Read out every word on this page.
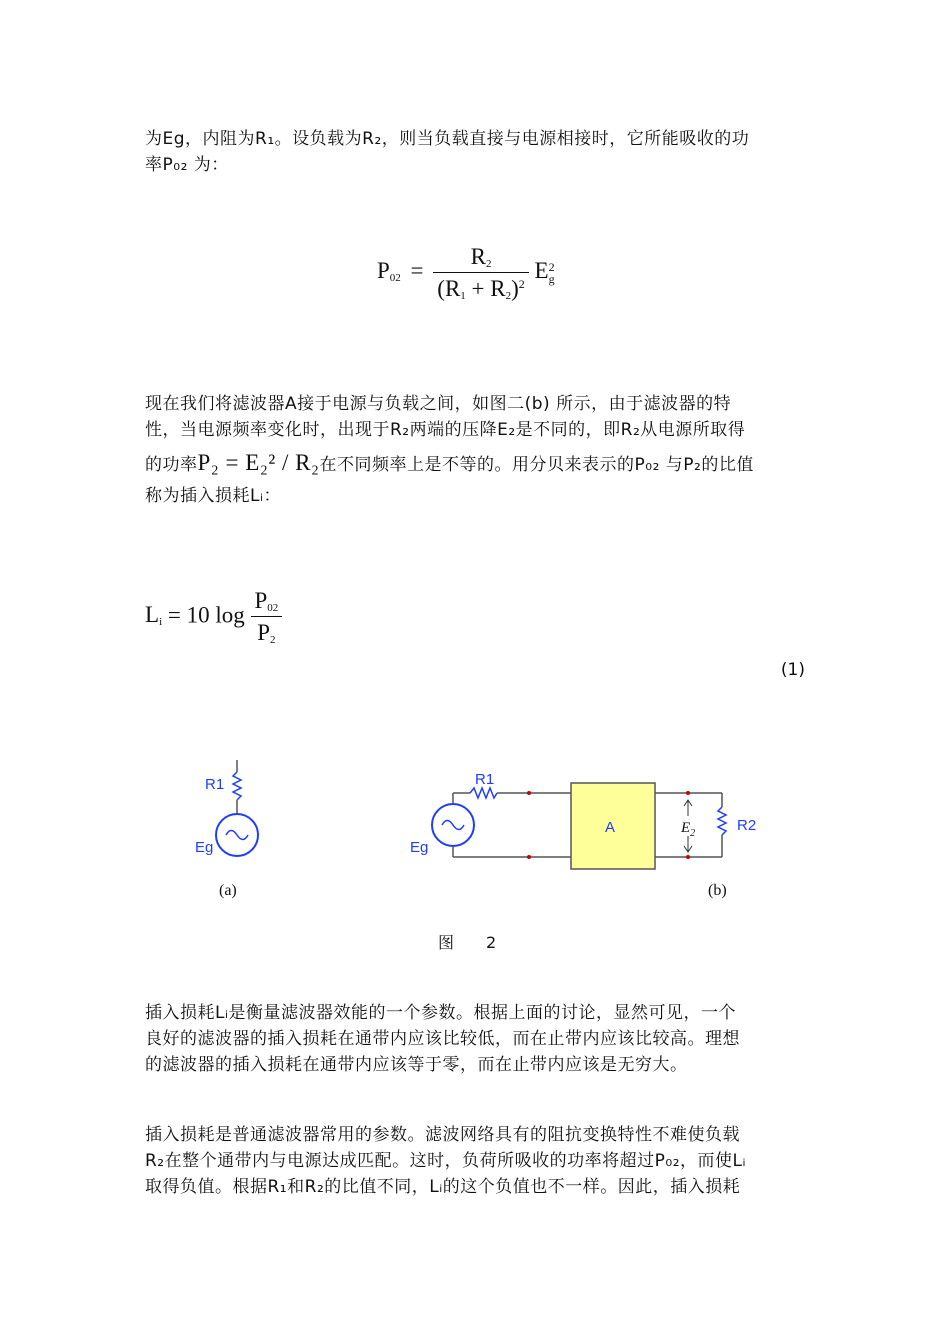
为Eg，内阻为R₁。设负载为R₂，则当负载直接与电源相接时，它所能吸收的功
率P₀₂ 为：
$P_{02} = \frac{R_2}{(R_1 + R_2)^2}$ E 2
g
现在我们将滤波器A接于电源与负载之间，如图二(b) 所示，由于滤波器的特
性，当电源频率变化时，出现于R₂两端的压降E₂是不同的，即R₂从电源所取得
的功率P₂ = E₂² / R₂在不同频率上是不等的。用分贝来表示的P₀₂ 与P₂的比值
称为插入损耗Lᵢ：
$L_i = 10$ $\log \frac{P_{02}}{P_2}$
(1)
R1
Eg
A	$E_2$
R1
Eg
R2
(a)	(b)
图　　2
插入损耗Lᵢ是衡量滤波器效能的一个参数。根据上面的讨论，显然可见，一个
良好的滤波器的插入损耗在通带内应该比较低，而在止带内应该比较高。理想
的滤波器的插入损耗在通带内应该等于零，而在止带内应该是无穷大。
插入损耗是普通滤波器常用的参数。滤波网络具有的阻抗变换特性不难使负载
R₂在整个通带内与电源达成匹配。这时，负荷所吸收的功率将超过P₀₂，而使Lᵢ
取得负值。根据R₁和R₂的比值不同，Lᵢ的这个负值也不一样。因此，插入损耗
